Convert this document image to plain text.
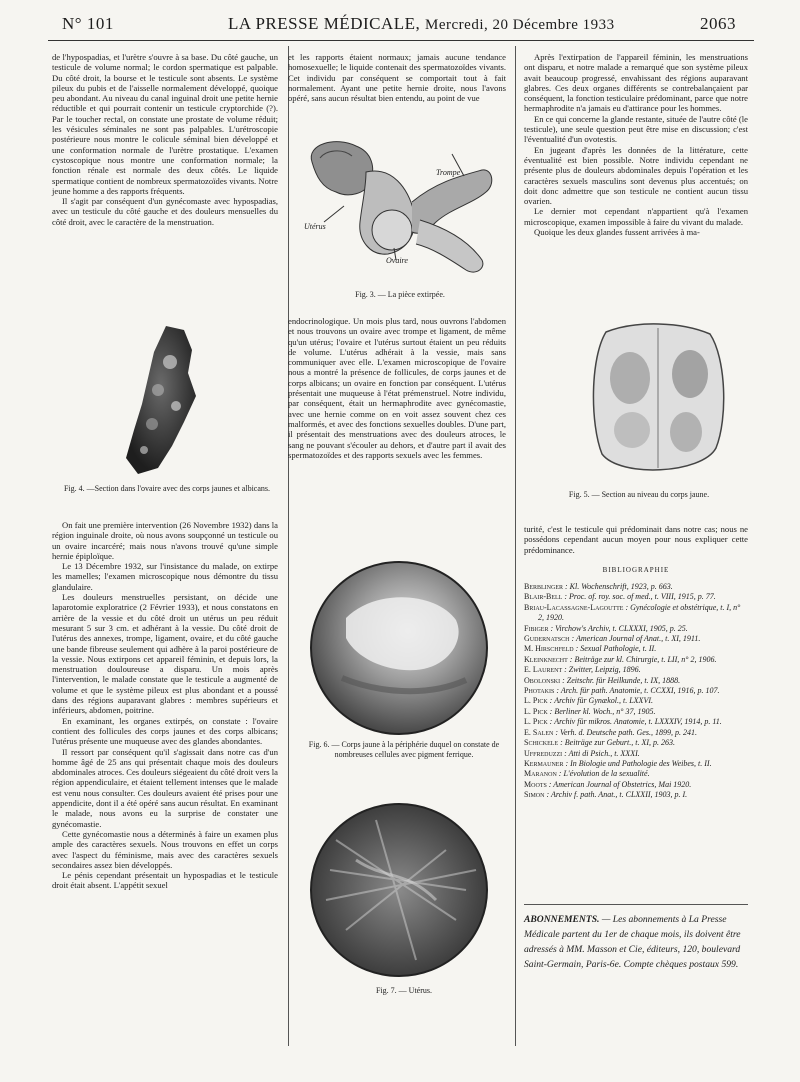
N° 101	LA PRESSE MÉDICALE, Mercredi, 20 Décembre 1933	2063

de l'hypospadias, et l'urètre s'ouvre à sa base. Du côté gauche, un testicule de volume normal; le cordon spermatique est palpable. Du côté droit, la bourse et le testicule sont absents. Le système pileux du pubis et de l'aisselle normalement développé, quoique peu abondant. Au niveau du canal inguinal droit une petite hernie réductible et qui pourrait contenir un testicule cryptorchide (?). Par le toucher rectal, on constate une prostate de volume réduit; les vésicules séminales ne sont pas palpables. L'urétroscopie postérieure nous montre le colicule séminal bien développé et une conformation normale de l'urètre prostatique. L'examen cystoscopique nous montre une conformation normale; la fonction rénale est normale des deux côtés. Le liquide spermatique contient de nombreux spermatozoïdes vivants. Notre jeune homme a des rapports fréquents.

Il s'agit par conséquent d'un gynécomaste avec hypospadias, avec un testicule du côté gauche et des douleurs mensuelles du côté droit, avec le caractère de la menstruation.

Fig. 4. —Section dans l'ovaire avec des corps jaunes et albicans.

On fait une première intervention (26 Novembre 1932) dans la région inguinale droite, où nous avons soupçonné un testicule ou un ovaire incarcéré; mais nous n'avons trouvé qu'une simple hernie épiploïque.

Le 13 Décembre 1932, sur l'insistance du malade, on extirpe les mamelles; l'examen microscopique nous démontre du tissu glandulaire.

Les douleurs menstruelles persistant, on décide une laparotomie exploratrice (2 Février 1933), et nous constatons en arrière de la vessie et du côté droit un utérus un peu réduit mesurant 5 sur 3 cm. et adhérant à la vessie. Du côté droit de l'utérus des annexes, trompe, ligament, ovaire, et du côté gauche une bande fibreuse seulement qui adhère à la paroi postérieure de la vessie. Nous extirpons cet appareil féminin, et depuis lors, la menstruation douloureuse a disparu. Un mois après l'intervention, le malade constate que le testicule a augmenté de volume et que le système pileux est plus abondant et a poussé dans des régions auparavant glabres : membres supérieurs et inférieurs, abdomen, poitrine.

En examinant, les organes extirpés, on constate : l'ovaire contient des follicules des corps jaunes et des corps albicans; l'utérus présente une muqueuse avec des glandes abondantes.

Il ressort par conséquent qu'il s'agissait dans notre cas d'un homme âgé de 25 ans qui présentait chaque mois des douleurs abdominales atroces. Ces douleurs siégeaient du côté droit vers la région appendiculaire, et étaient tellement intenses que le malade est venu nous consulter. Ces douleurs avaient été prises pour une appendicite, dont il a été opéré sans aucun résultat. En examinant le malade, nous avons eu la surprise de constater une gynécomastie.

Cette gynécomastie nous a déterminés à faire un examen plus ample des caractères sexuels. Nous trouvons en effet un corps avec l'aspect du féminisme, mais avec des caractères sexuels secondaires assez bien développés.

Le pénis cependant présentait un hypospadias et le testicule droit était absent. L'appétit sexuel

et les rapports étaient normaux; jamais aucune tendance homosexuelle; le liquide contenait des spermatozoïdes vivants. Cet individu par conséquent se comportait tout à fait normalement. Ayant une petite hernie droite, nous l'avons opéré, sans aucun résultat bien entendu, au point de vue

Trompe
Utérus
Ovaire
Fig. 3. — La pièce extirpée.

endocrinologique. Un mois plus tard, nous ouvrons l'abdomen et nous trouvons un ovaire avec trompe et ligament, de même qu'un utérus; l'ovaire et l'utérus surtout étaient un peu réduits de volume. L'utérus adhérait à la vessie, mais sans communiquer avec elle. L'examen microscopique de l'ovaire nous a montré la présence de follicules, de corps jaunes et de corps albicans; un ovaire en fonction par conséquent. L'utérus présentait une muqueuse à l'état prémenstruel. Notre individu, par conséquent, était un hermaphrodite avec gynécomastie, avec une hernie comme on en voit assez souvent chez ces malformés, et avec des fonctions sexuelles doubles. D'une part, il présentait des menstruations avec des douleurs atroces, le sang ne pouvant s'écouler au dehors, et d'autre part il avait des spermatozoïdes et des rapports sexuels avec les femmes.

Fig. 6. — Corps jaune à la périphérie duquel on constate de nombreuses cellules avec pigment ferrique.
Fig. 7. — Utérus.

Après l'extirpation de l'appareil féminin, les menstruations ont disparu, et notre malade a remarqué que son système pileux avait beaucoup progressé, envahissant des régions auparavant glabres. Ces deux organes différents se contrebalançaient par conséquent, la fonction testiculaire prédominant, parce que notre hermaphrodite n'a jamais eu d'attirance pour les hommes.

En ce qui concerne la glande restante, située de l'autre côté (le testicule), une seule question peut être mise en discussion; c'est l'éventualité d'un ovotestis.

En jugeant d'après les données de la littérature, cette éventualité est bien possible. Notre individu cependant ne présente plus de douleurs abdominales depuis l'opération et les caractères sexuels masculins sont devenus plus accentués; on doit donc admettre que son testicule ne contient aucun tissu ovarien.

Le dernier mot cependant n'appartient qu'à l'examen microscopique, examen impossible à faire du vivant du malade.

Quoique les deux glandes fussent arrivées à ma-

Fig. 5. — Section au niveau du corps jaune.

turité, c'est le testicule qui prédominait dans notre cas; nous ne possédons cependant aucun moyen pour nous expliquer cette prédominance.

BIBLIOGRAPHIE
Berblinger : Kl. Wochenschrift, 1923, p. 663.
Blair-Bell : Proc. of. roy. soc. of med., t. VIII, 1915, p. 77.
Briau-Lacassagne-Lagoutte : Gynécologie et obstétrique, t. I, n° 2, 1920.
Fibiger : Virchow's Archiv, t. CLXXXI, 1905, p. 25.
Gudernatsch : American Journal of Anat., t. XI, 1911.
M. Hirschfeld : Sexual Pathologie, t. II.
Kleinknecht : Beiträge zur kl. Chirurgie, t. LII, n° 2, 1906.
E. Laurent : Zwitter, Leipzig, 1896.
Obolonski : Zeitschr. für Heilkunde, t. IX, 1888.
Photakis : Arch. für path. Anatomie, t. CCXXI, 1916, p. 107.
L. Pick : Archiv für Gynækol., t. LXXVI.
L. Pick : Berliner kl. Woch., n° 37, 1905.
L. Pick : Archiv für mikros. Anatomie, t. LXXXIV, 1914, p. 11.
E. Salen : Verh. d. Deutsche path. Ges., 1899, p. 241.
Schickele : Beiträge zur Geburt., t. XI, p. 263.
Uffreduzzi : Atti di Psich., t. XXXI.
Kermauner : In Biologie und Pathologie des Weibes, t. II.
Maranon : L'évolution de la sexualité.
Moots : American Journal of Obstetrics, Mai 1920.
Simon : Archiv f. path. Anat., t. CLXXII, 1903, p. I.
ABONNEMENTS. — Les abonnements à La Presse Médicale partent du 1er de chaque mois, ils doivent être adressés à MM. Masson et Cie, éditeurs, 120, boulevard Saint-Germain, Paris-6e. Compte chèques postaux 599.
